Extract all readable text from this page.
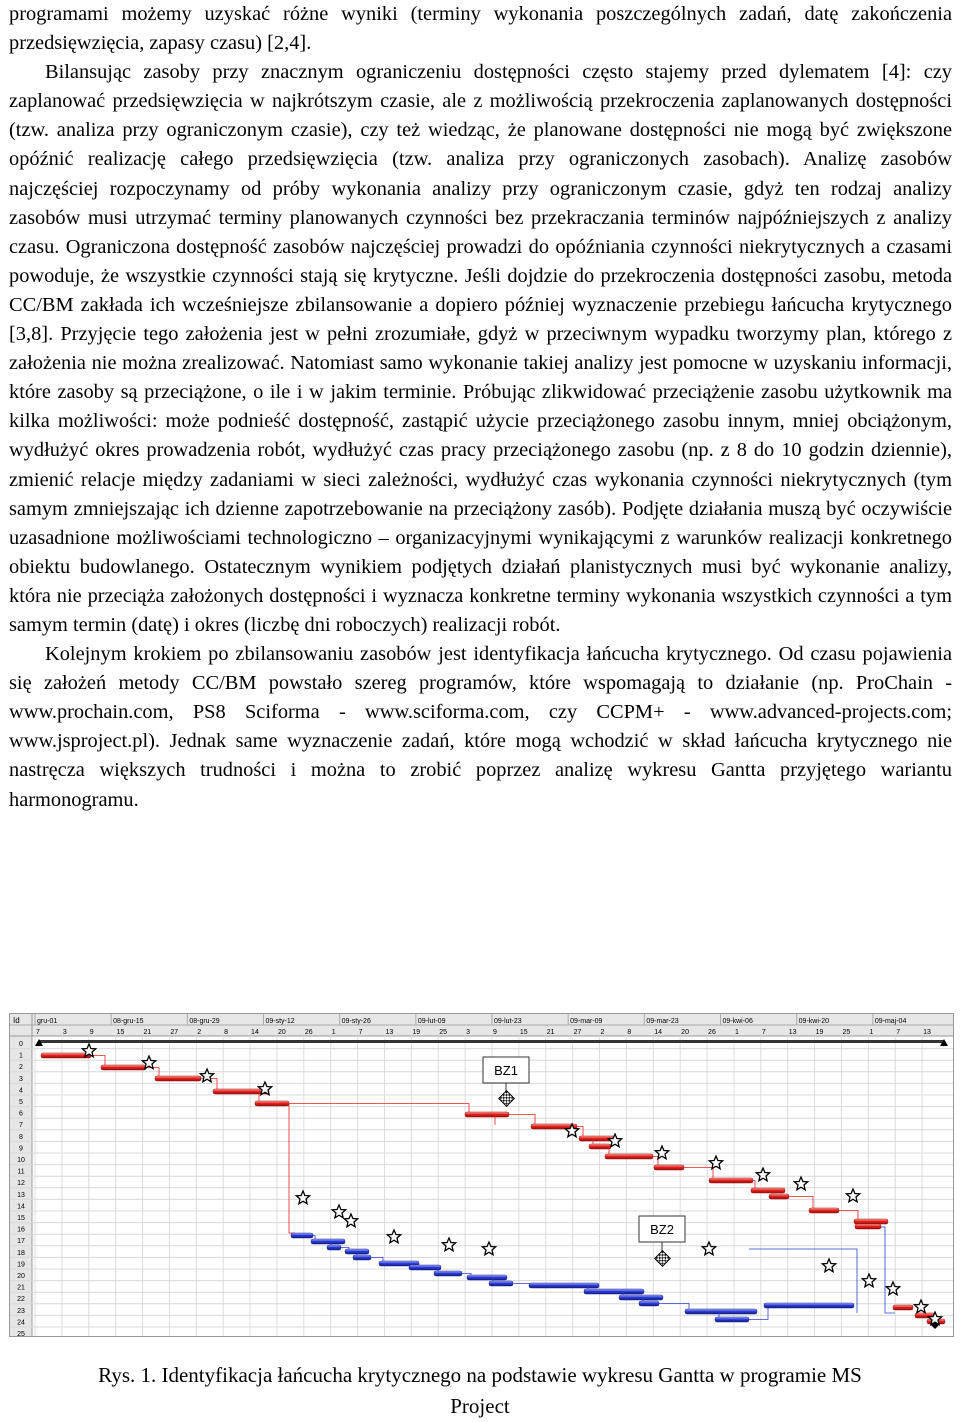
programami możemy uzyskać różne wyniki (terminy wykonania poszczególnych zadań, datę zakończenia przedsięwzięcia, zapasy czasu) [2,4].

Bilansując zasoby przy znacznym ograniczeniu dostępności często stajemy przed dylematem [4]: czy zaplanować przedsięwzięcia w najkrótszym czasie, ale z możliwością przekroczenia zaplanowanych dostępności (tzw. analiza przy ograniczonym czasie), czy też wiedząc, że planowane dostępności nie mogą być zwiększone opóźnić realizację całego przedsięwzięcia (tzw. analiza przy ograniczonych zasobach). Analizę zasobów najczęściej rozpoczynamy od próby wykonania analizy przy ograniczonym czasie, gdyż ten rodzaj analizy zasobów musi utrzymać terminy planowanych czynności bez przekraczania terminów najpóźniejszych z analizy czasu. Ograniczona dostępność zasobów najczęściej prowadzi do opóźniania czynności niekrytycznych a czasami powoduje, że wszystkie czynności stają się krytyczne. Jeśli dojdzie do przekroczenia dostępności zasobu, metoda CC/BM zakłada ich wcześniejsze zbilansowanie a dopiero później wyznaczenie przebiegu łańcucha krytycznego [3,8]. Przyjęcie tego założenia jest w pełni zrozumiałe, gdyż w przeciwnym wypadku tworzymy plan, którego z założenia nie można zrealizować. Natomiast samo wykonanie takiej analizy jest pomocne w uzyskaniu informacji, które zasoby są przeciążone, o ile i w jakim terminie. Próbując zlikwidować przeciążenie zasobu użytkownik ma kilka możliwości: może podnieść dostępność, zastąpić użycie przeciążonego zasobu innym, mniej obciążonym, wydłużyć okres prowadzenia robót, wydłużyć czas pracy przeciążonego zasobu (np. z 8 do 10 godzin dziennie), zmienić relacje między zadaniami w sieci zależności, wydłużyć czas wykonania czynności niekrytycznych (tym samym zmniejszając ich dzienne zapotrzebowanie na przeciążony zasób). Podjęte działania muszą być oczywiście uzasadnione możliwościami technologiczno – organizacyjnymi wynikającymi z warunków realizacji konkretnego obiektu budowlanego. Ostatecznym wynikiem podjętych działań planistycznych musi być wykonanie analizy, która nie przeciąża założonych dostępności i wyznacza konkretne terminy wykonania wszystkich czynności a tym samym termin (datę) i okres (liczbę dni roboczych) realizacji robót.

Kolejnym krokiem po zbilansowaniu zasobów jest identyfikacja łańcucha krytycznego. Od czasu pojawienia się założeń metody CC/BM powstało szereg programów, które wspomagają to działanie (np. ProChain - www.prochain.com, PS8 Sciforma - www.sciforma.com, czy CCPM+ - www.advanced-projects.com; www.jsproject.pl). Jednak same wyznaczenie zadań, które mogą wchodzić w skład łańcucha krytycznego nie nastręcza większych trudności i można to zrobić poprzez analizę wykresu Gantta przyjętego wariantu harmonogramu.

Id gru-01	08-gru-15	08-gru-29	09-sty-12	09-sty-26	09-lut-09	09-lut-23	09-mar-09	09-mar-23	09-kwi-06	09-kwi-20	09-maj-04
7	3	9	15	21	27	2	8	14	20	26	1	7	13	19	25	3	9	15	21	27	2	8	14	20	26	1	7	13	19	25	1	7	13
0
1
2
3
4
5
6
7
8
9
10
11
12
13
14
15
16
17
18
19
20
21
22
23
24
25
BZ1
BZ2
Rys. 1. Identyfikacja łańcucha krytycznego na podstawie wykresu Gantta w programie MS
Project
